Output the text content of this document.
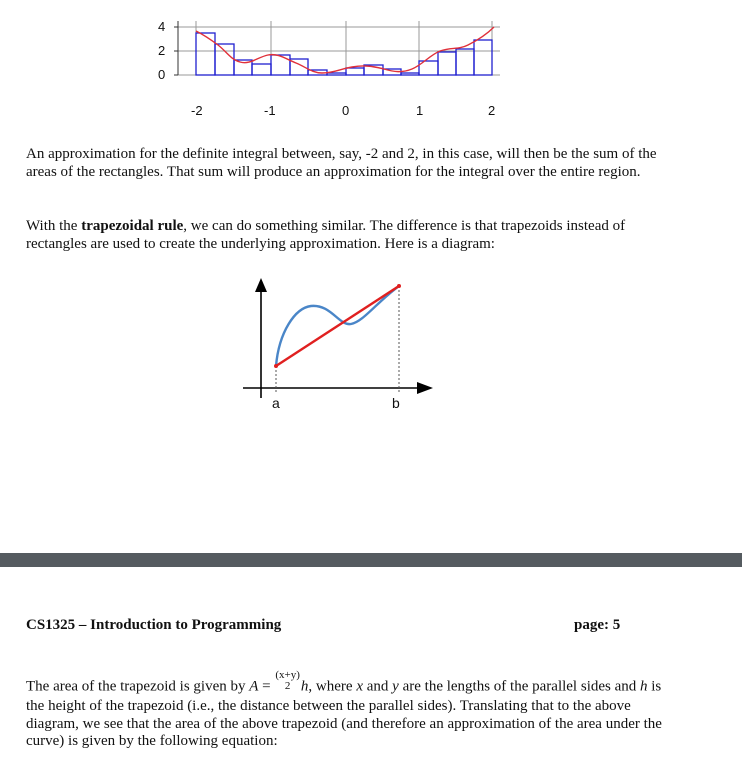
4
2
0
-2	-1	0	1	2
An approximation for the definite integral between, say, -2 and 2, in this case, will then be the sum of the areas of the rectangles. That sum will produce an approximation for the integral over the entire region.
With the trapezoidal rule, we can do something similar. The difference is that trapezoids instead of rectangles are used to create the underlying approximation. Here is a diagram:
a	b
CS1325 – Introduction to Programming	page: 5
The area of the trapezoid is given by A =
(x+y)
2 h, where x and y are the lengths of the parallel sides and h is the height of the trapezoid (i.e., the distance between the parallel sides). Translating that to the above diagram, we see that the area of the above trapezoid (and therefore an approximation of the area under the curve) is given by the following equation:
